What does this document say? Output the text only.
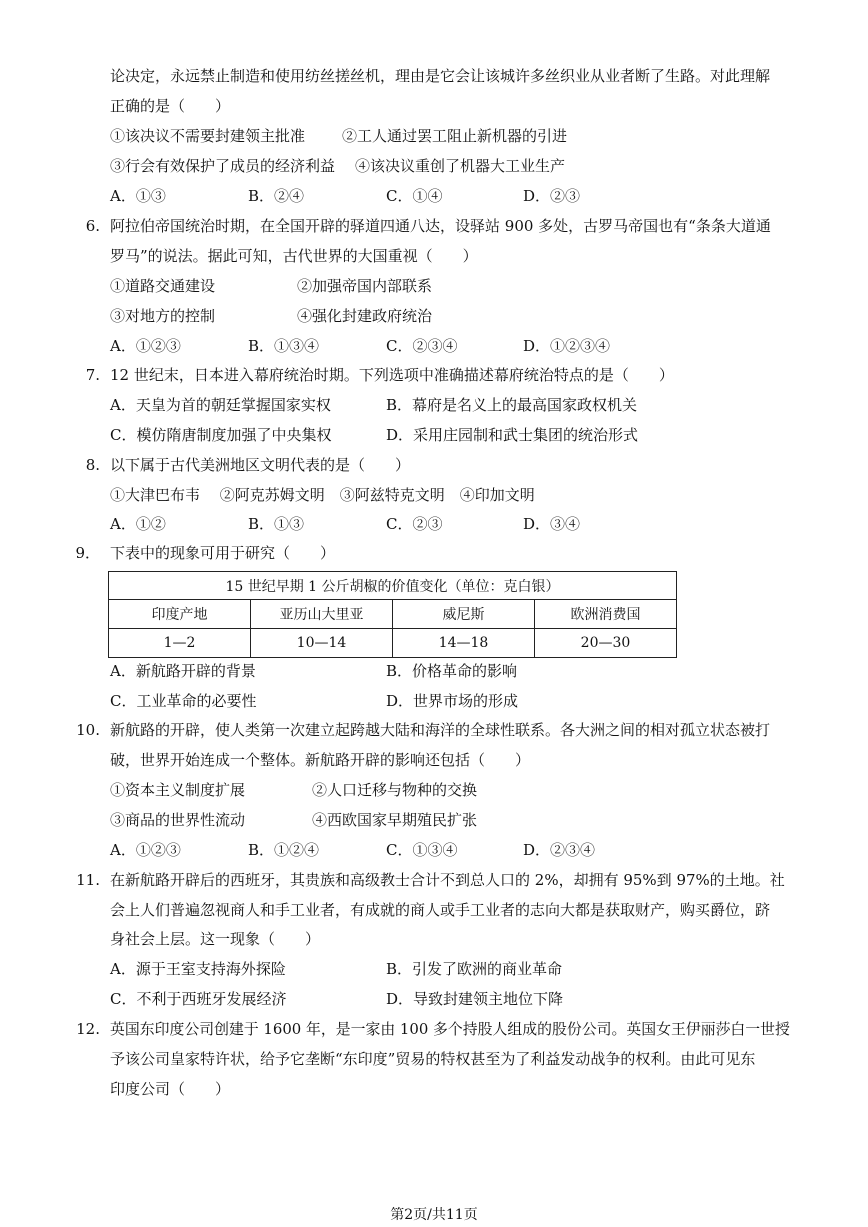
论决定，永远禁止制造和使用纺丝搓丝机，理由是它会让该城许多丝织业从业者断了生路。对此理解
正确的是（　　）
①该决议不需要封建领主批准 ②工人通过罢工阻止新机器的引进
③行会有效保护了成员的经济利益 ④该决议重创了机器大工业生产
A．①③	B．②④	C．①④	D．②③
6. 阿拉伯帝国统治时期，在全国开辟的驿道四通八达，设驿站 900 多处，古罗马帝国也有“条条大道通
罗马”的说法。据此可知，古代世界的大国重视（　　）
①道路交通建设	②加强帝国内部联系
③对地方的控制	④强化封建政府统治
A．①②③	B．①③④	C．②③④	D．①②③④
7. 12 世纪末，日本进入幕府统治时期。下列选项中准确描述幕府统治特点的是（　　）
A．天皇为首的朝廷掌握国家实权	B．幕府是名义上的最高国家政权机关
C．模仿隋唐制度加强了中央集权	D．采用庄园制和武士集团的统治形式
8. 以下属于古代美洲地区文明代表的是（　　）
①大津巴布韦　 ②阿克苏姆文明　③阿兹特克文明　④印加文明
A．①②	B．①③	C．②③	D．③④
9． 下表中的现象可用于研究（　　）
15 世纪早期 1 公斤胡椒的价值变化（单位：克白银）			
印度产地	亚历山大里亚	威尼斯	欧洲消费国
1—2	10—14	14—18	20—30
A．新航路开辟的背景	B．价格革命的影响
C．工业革命的必要性	D．世界市场的形成
10. 新航路的开辟，使人类第一次建立起跨越大陆和海洋的全球性联系。各大洲之间的相对孤立状态被打
破，世界开始连成一个整体。新航路开辟的影响还包括（　　）
①资本主义制度扩展	②人口迁移与物种的交换
③商品的世界性流动	④西欧国家早期殖民扩张
A．①②③	B．①②④	C．①③④	D．②③④
11. 在新航路开辟后的西班牙，其贵族和高级教士合计不到总人口的 2%，却拥有 95%到 97%的土地。社
会上人们普遍忽视商人和手工业者，有成就的商人或手工业者的志向大都是获取财产，购买爵位，跻
身社会上层。这一现象（　　）
A．源于王室支持海外探险	B．引发了欧洲的商业革命
C．不利于西班牙发展经济	D．导致封建领主地位下降
12. 英国东印度公司创建于 1600 年，是一家由 100 多个持股人组成的股份公司。英国女王伊丽莎白一世授
予该公司皇家特许状，给予它垄断“东印度”贸易的特权甚至为了利益发动战争的权利。由此可见东
印度公司（　　）
第2页/共11页
